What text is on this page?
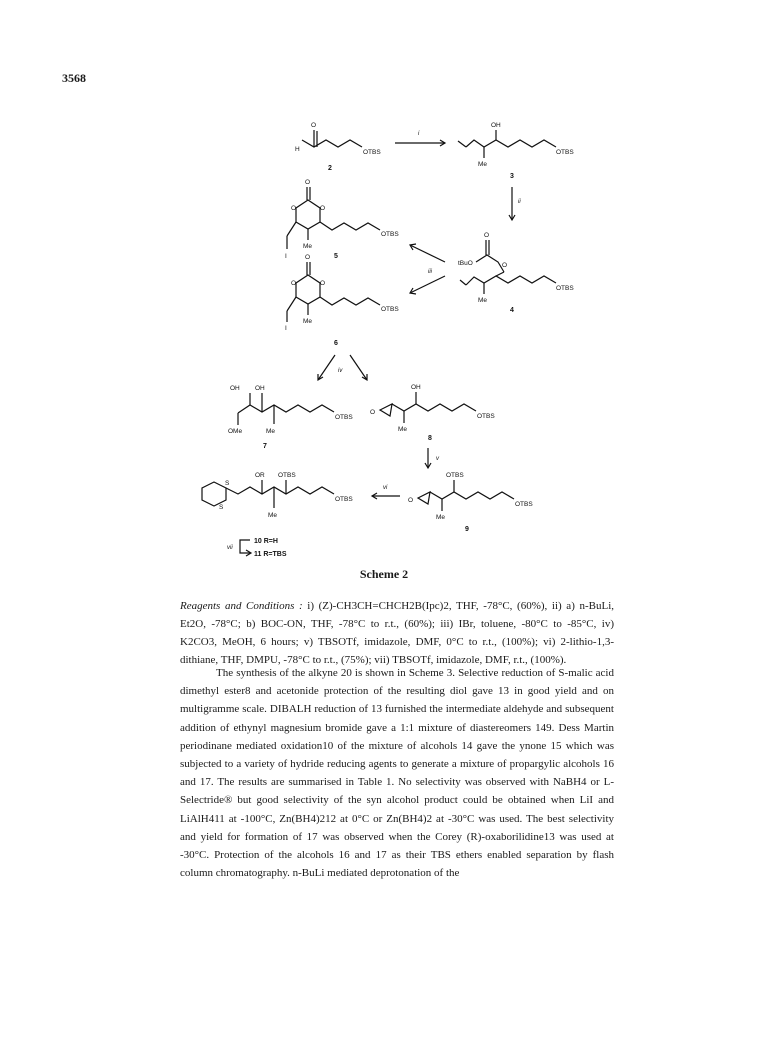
3568
O
H	OTBS
2
i
OH
Me
OTBS
3
ii
O
tBuO	O
Me
OTBS
4
iii
O
O	O
I
Me
OTBS
5
O
O	O
I
Me
OTBS
6
iv
OH OH
OMe	Me
OTBS
7
O
OH
Me
OTBS
8
v
O
OTBS
Me
OTBS
9
vi
S
S
OR OTBS
Me
OTBS
vii
10 R=H
11 R=TBS
Scheme 2
Reagents and Conditions : i) (Z)-CH3CH=CHCH2B(Ipc)2, THF, -78°C, (60%), ii) a) n-BuLi, Et2O, -78°C; b) BOC-ON, THF, -78°C to r.t., (60%); iii) IBr, toluene, -80°C to -85°C, iv) K2CO3, MeOH, 6 hours; v) TBSOTf, imidazole, DMF, 0°C to r.t., (100%); vi) 2-lithio-1,3-dithiane, THF, DMPU, -78°C to r.t., (75%); vii) TBSOTf, imidazole, DMF, r.t., (100%).

The synthesis of the alkyne 20 is shown in Scheme 3. Selective reduction of S-malic acid dimethyl ester8 and acetonide protection of the resulting diol gave 13 in good yield and on multigramme scale. DIBALH reduction of 13 furnished the intermediate aldehyde and subsequent addition of ethynyl magnesium bromide gave a 1:1 mixture of diastereomers 149. Dess Martin periodinane mediated oxidation10 of the mixture of alcohols 14 gave the ynone 15 which was subjected to a variety of hydride reducing agents to generate a mixture of propargylic alcohols 16 and 17. The results are summarised in Table 1. No selectivity was observed with NaBH4 or L-Selectride® but good selectivity of the syn alcohol product could be obtained when LiI and LiAlH411 at -100°C, Zn(BH4)212 at 0°C or Zn(BH4)2 at -30°C was used. The best selectivity and yield for formation of 17 was observed when the Corey (R)-oxaborilidine13 was used at -30°C. Protection of the alcohols 16 and 17 as their TBS ethers enabled separation by flash column chromatography. n-BuLi mediated deprotonation of the
